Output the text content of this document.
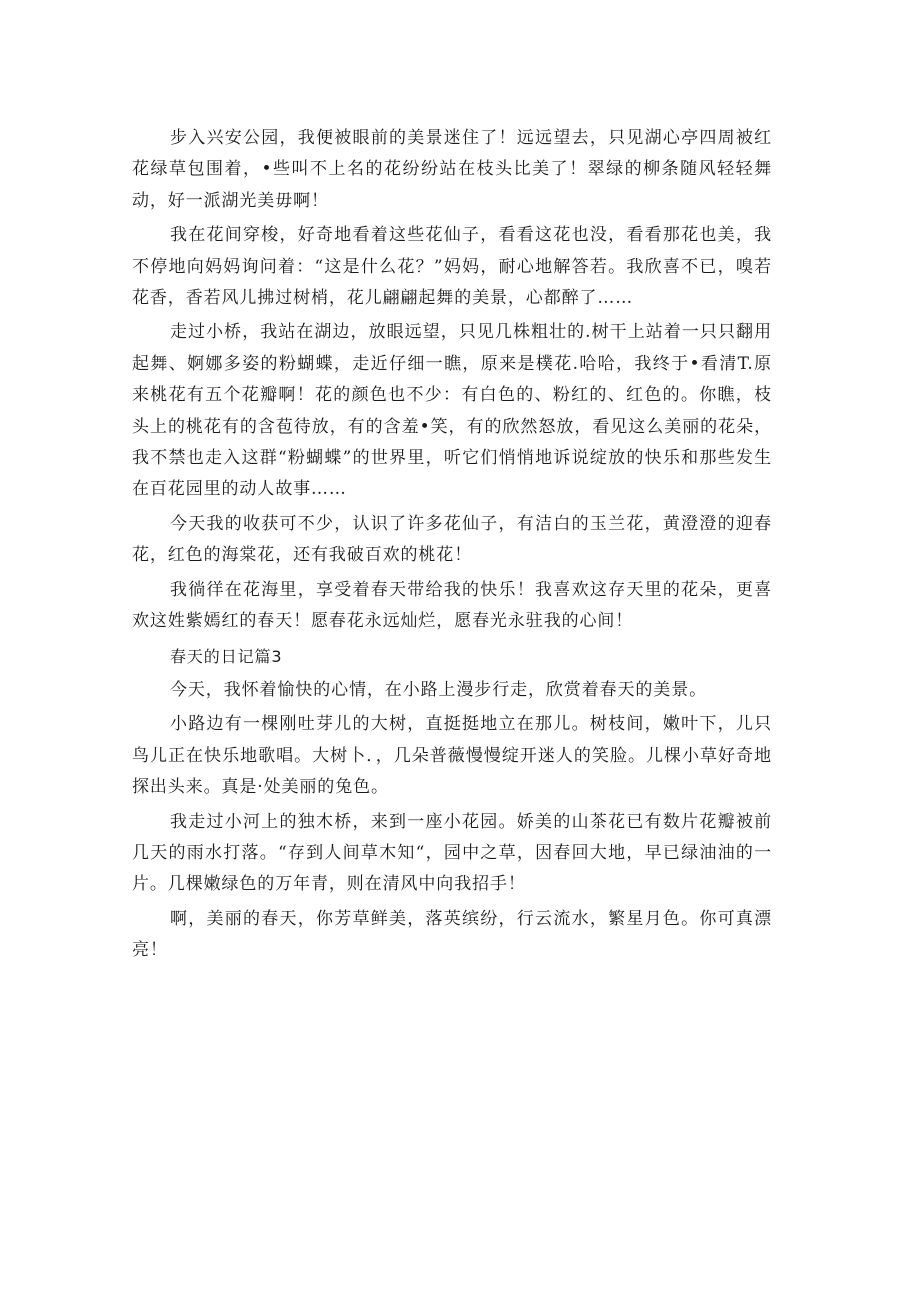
步入兴安公园，我便被眼前的美景迷住了！远远望去，只见湖心亭四周被红花绿草包围着，•些叫不上名的花纷纷站在枝头比美了！翠绿的柳条随风轻轻舞动，好一派湖光美毋啊！

我在花间穿梭，好奇地看着这些花仙子，看看这花也没，看看那花也美，我不停地向妈妈询问着：“这是什么花？”妈妈，耐心地解答若。我欣喜不已，嗅若花香，香若风儿拂过树梢，花儿翩翩起舞的美景，心都醉了……

走过小桥，我站在湖边，放眼远望，只见几株粗壮的.树干上站着一只只翻用起舞、婀娜多姿的粉蝴蝶，走近仔细一瞧，原来是樸花.哈哈，我终于•看清T.原来桃花有五个花瓣啊！花的颜色也不少：有白色的、粉红的、红色的。你瞧，枝头上的桃花有的含苞待放，有的含羞•笑，有的欣然怒放，看见这么美丽的花朵，我不禁也走入这群“粉蝴蝶”的世界里，听它们悄悄地诉说绽放的快乐和那些发生在百花园里的动人故事……

今天我的收获可不少，认识了许多花仙子，有洁白的玉兰花，黄澄澄的迎春花，红色的海棠花，还有我破百欢的桃花！

我徜徉在花海里，享受着春天带给我的快乐！我喜欢这存天里的花朵，更喜欢这姓紫嫣红的春天！愿春花永远灿烂，愿春光永驻我的心间！

春天的日记篇3

今天，我怀着愉快的心情，在小路上漫步行走，欣赏着春天的美景。

小路边有一棵刚吐芽儿的大树，直挺挺地立在那儿。树枝间，嫩叶下，儿只鸟儿正在快乐地歌唱。大树卜．，几朵普薇慢慢绽开迷人的笑脸。儿棵小草好奇地探出头来。真是·处美丽的兔色。

我走过小河上的独木桥，来到一座小花园。娇美的山茶花已有数片花瓣被前几天的雨水打落。“存到人间草木知“，园中之草，因春回大地，早已绿油油的一片。几棵嫩绿色的万年青，则在清风中向我招手！

啊，美丽的春天，你芳草鲜美，落英缤纷，行云流水，繁星月色。你可真漂亮！
